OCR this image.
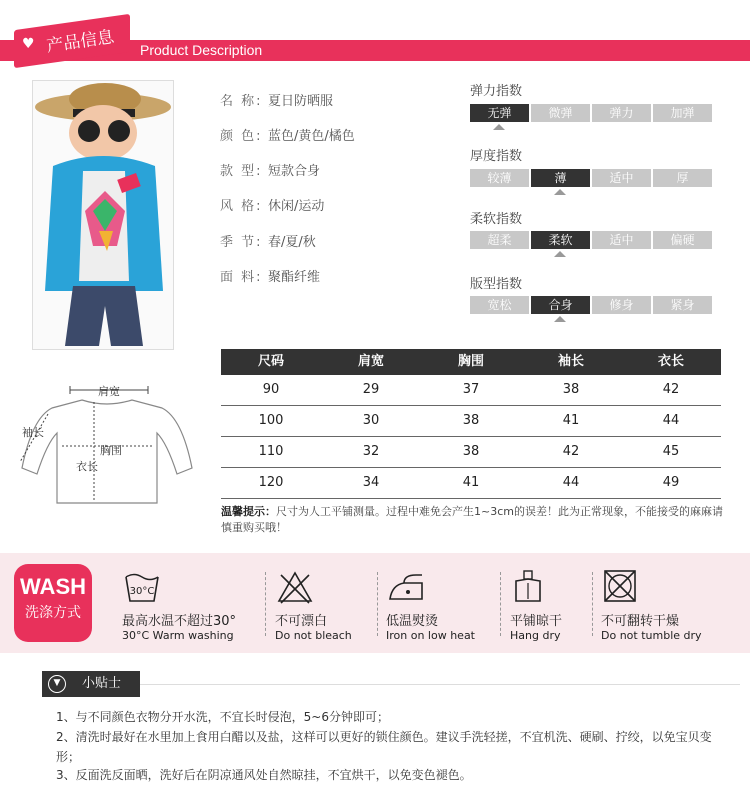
♥ 产品信息 Product Description
名 称: 夏日防晒服
颜 色: 蓝色/黄色/橘色
款 型: 短款合身
风 格: 休闲/运动
季 节: 春/夏/秋
面 料: 聚酯纤维
弹力指数
无弹	微弹	弹力	加弹
厚度指数
较薄	薄	适中	厚
柔软指数
超柔	柔软	适中	偏硬
版型指数
宽松	合身	修身	紧身
肩宽
袖长
胸围
衣长
尺码	肩宽	胸围	袖长	衣长
90	29	37	38	42
100	30	38	41	44
110	32	38	42	45
120	34	41	44	49
温馨提示：尺寸为人工平铺测量。过程中难免会产生1~3cm的误差！此为正常现象，不能接受的麻麻请慎重购买哦！
WASH
洗涤方式
30°C
最高水温不超过30°
30°C Warm washing
不可漂白
Do not bleach
低温熨烫
Iron on low heat
平铺晾干
Hang dry
不可翻转干燥
Do not tumble dry
小贴士
▼
1、与不同颜色衣物分开水洗，不宜长时侵泡，5~6分钟即可；
2、清洗时最好在水里加上食用白醋以及盐，这样可以更好的锁住颜色。建议手洗轻搓，不宜机洗、硬刷、拧绞，以免宝贝变形；
3、反面洗反面晒，洗好后在阴凉通风处自然晾挂，不宜烘干，以免变色褪色。
